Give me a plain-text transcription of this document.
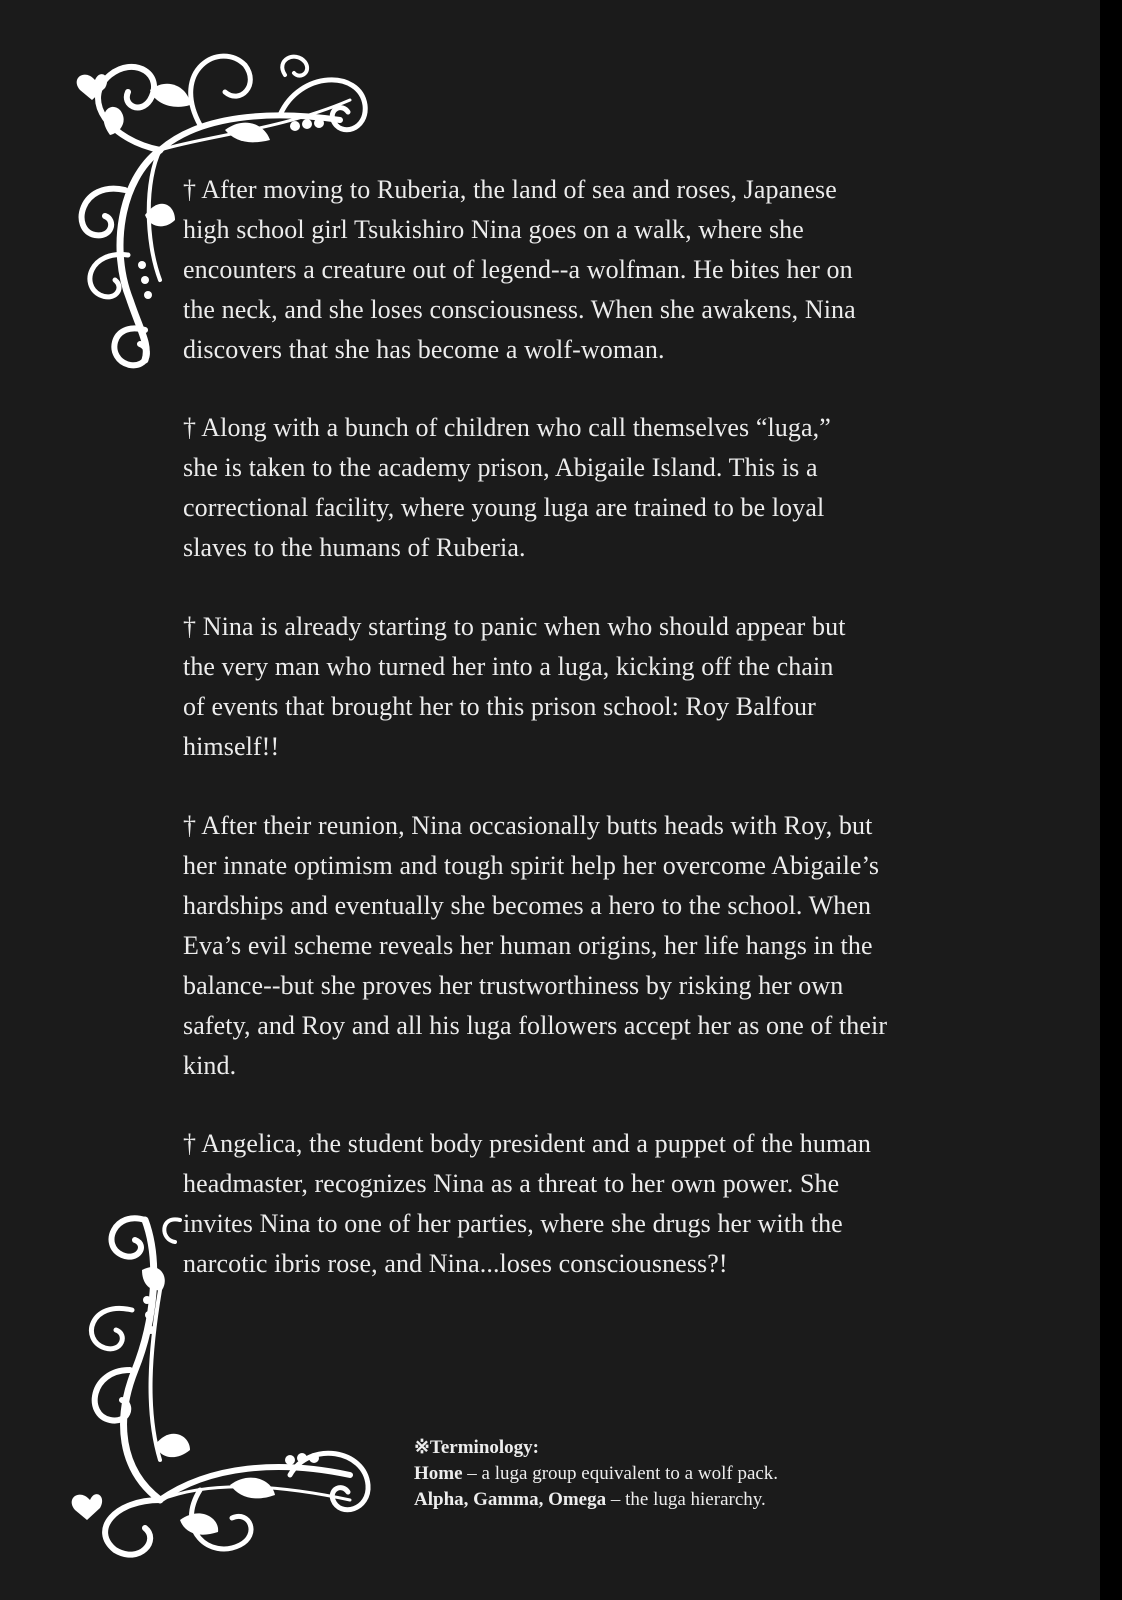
† After moving to Ruberia, the land of sea and roses, Japanese
high school girl Tsukishiro Nina goes on a walk, where she
encounters a creature out of legend--a wolfman. He bites her on
the neck, and she loses consciousness. When she awakens, Nina
discovers that she has become a wolf-woman.

† Along with a bunch of children who call themselves “luga,”
she is taken to the academy prison, Abigaile Island. This is a
correctional facility, where young luga are trained to be loyal
slaves to the humans of Ruberia.

† Nina is already starting to panic when who should appear but
the very man who turned her into a luga, kicking off the chain
of events that brought her to this prison school: Roy Balfour
himself!!

† After their reunion, Nina occasionally butts heads with Roy, but
her innate optimism and tough spirit help her overcome Abigaile’s
hardships and eventually she becomes a hero to the school. When
Eva’s evil scheme reveals her human origins, her life hangs in the
balance--but she proves her trustworthiness by risking her own
safety, and Roy and all his luga followers accept her as one of their
kind.

† Angelica, the student body president and a puppet of the human
headmaster, recognizes Nina as a threat to her own power. She
invites Nina to one of her parties, where she drugs her with the
narcotic ibris rose, and Nina...loses consciousness?!

※Terminology:
Home – a luga group equivalent to a wolf pack.
Alpha, Gamma, Omega – the luga hierarchy.
